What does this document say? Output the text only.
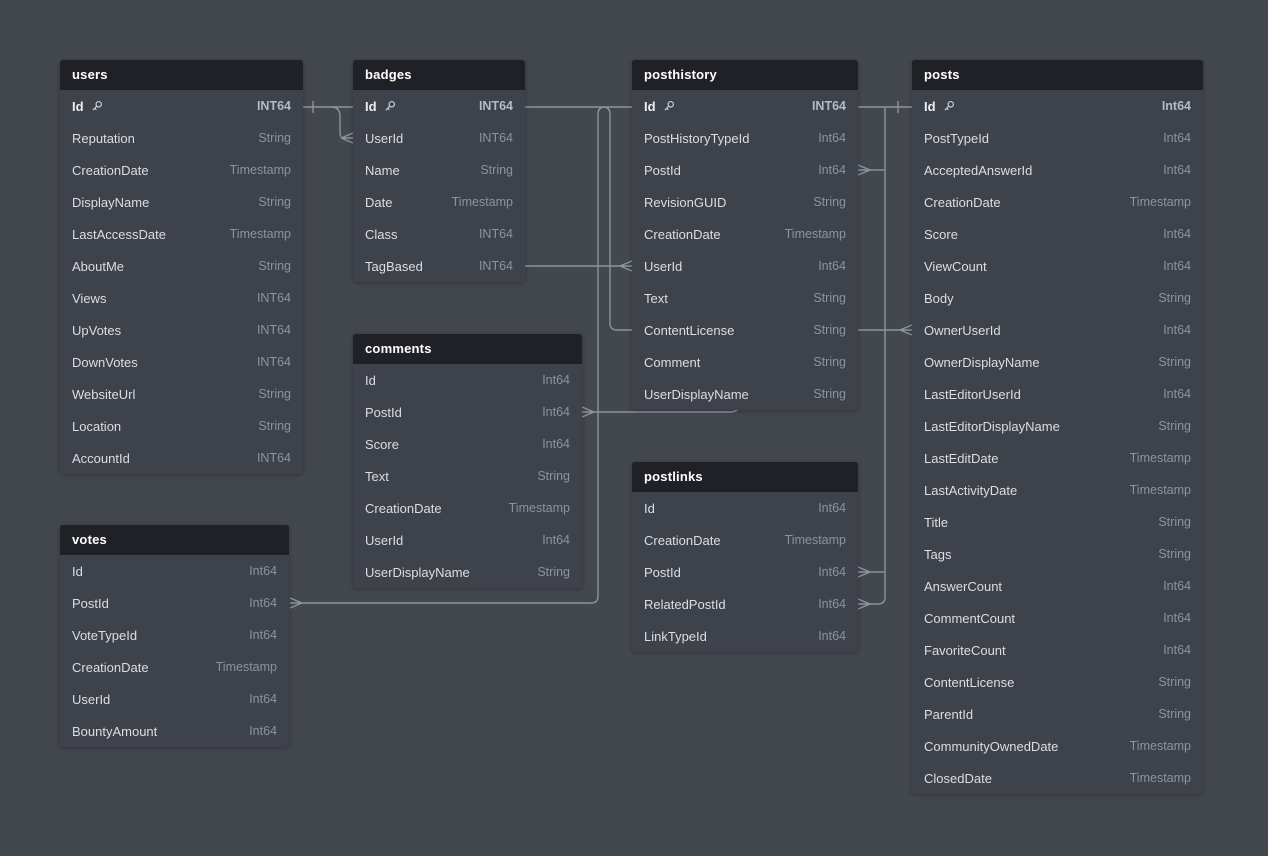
users
Id	INT64
Reputation	String
CreationDate	Timestamp
DisplayName	String
LastAccessDate	Timestamp
AboutMe	String
Views	INT64
UpVotes	INT64
DownVotes	INT64
WebsiteUrl	String
Location	String
AccountId	INT64
badges
Id	INT64
UserId	INT64
Name	String
Date	Timestamp
Class	INT64
TagBased	INT64
comments
Id	Int64
PostId	Int64
Score	Int64
Text	String
CreationDate	Timestamp
UserId	Int64
UserDisplayName	String
votes
Id	Int64
PostId	Int64
VoteTypeId	Int64
CreationDate	Timestamp
UserId	Int64
BountyAmount	Int64
posthistory
Id	INT64
PostHistoryTypeId	Int64
PostId	Int64
RevisionGUID	String
CreationDate	Timestamp
UserId	Int64
Text	String
ContentLicense	String
Comment	String
UserDisplayName	String
postlinks
Id	Int64
CreationDate	Timestamp
PostId	Int64
RelatedPostId	Int64
LinkTypeId	Int64
posts
Id	Int64
PostTypeId	Int64
AcceptedAnswerId	Int64
CreationDate	Timestamp
Score	Int64
ViewCount	Int64
Body	String
OwnerUserId	Int64
OwnerDisplayName	String
LastEditorUserId	Int64
LastEditorDisplayName	String
LastEditDate	Timestamp
LastActivityDate	Timestamp
Title	String
Tags	String
AnswerCount	Int64
CommentCount	Int64
FavoriteCount	Int64
ContentLicense	String
ParentId	String
CommunityOwnedDate	Timestamp
ClosedDate	Timestamp
